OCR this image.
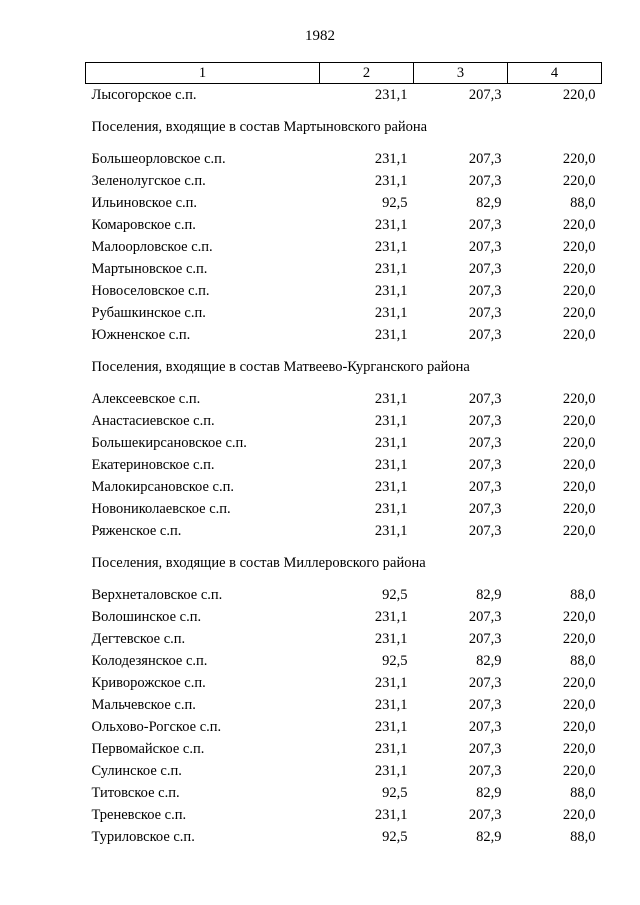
1982
1	2	3	4
Лысогорское с.п.	231,1	207,3	220,0
Поселения, входящие в состав Мартыновского района			
Большеорловское с.п.	231,1	207,3	220,0
Зеленолугское с.п.	231,1	207,3	220,0
Ильиновское с.п.	92,5	82,9	88,0
Комаровское с.п.	231,1	207,3	220,0
Малоорловское с.п.	231,1	207,3	220,0
Мартыновское с.п.	231,1	207,3	220,0
Новоселовское с.п.	231,1	207,3	220,0
Рубашкинское с.п.	231,1	207,3	220,0
Южненское с.п.	231,1	207,3	220,0
Поселения, входящие в состав Матвеево-Курганского района			
Алексеевское с.п.	231,1	207,3	220,0
Анастасиевское с.п.	231,1	207,3	220,0
Большекирсановское с.п.	231,1	207,3	220,0
Екатериновское с.п.	231,1	207,3	220,0
Малокирсановское с.п.	231,1	207,3	220,0
Новониколаевское с.п.	231,1	207,3	220,0
Ряженское с.п.	231,1	207,3	220,0
Поселения, входящие в состав Миллеровского района			
Верхнеталовское с.п.	92,5	82,9	88,0
Волошинское с.п.	231,1	207,3	220,0
Дегтевское с.п.	231,1	207,3	220,0
Колодезянское с.п.	92,5	82,9	88,0
Криворожское с.п.	231,1	207,3	220,0
Мальчевское с.п.	231,1	207,3	220,0
Ольхово-Рогское с.п.	231,1	207,3	220,0
Первомайское с.п.	231,1	207,3	220,0
Сулинское с.п.	231,1	207,3	220,0
Титовское с.п.	92,5	82,9	88,0
Треневское с.п.	231,1	207,3	220,0
Туриловское с.п.	92,5	82,9	88,0
